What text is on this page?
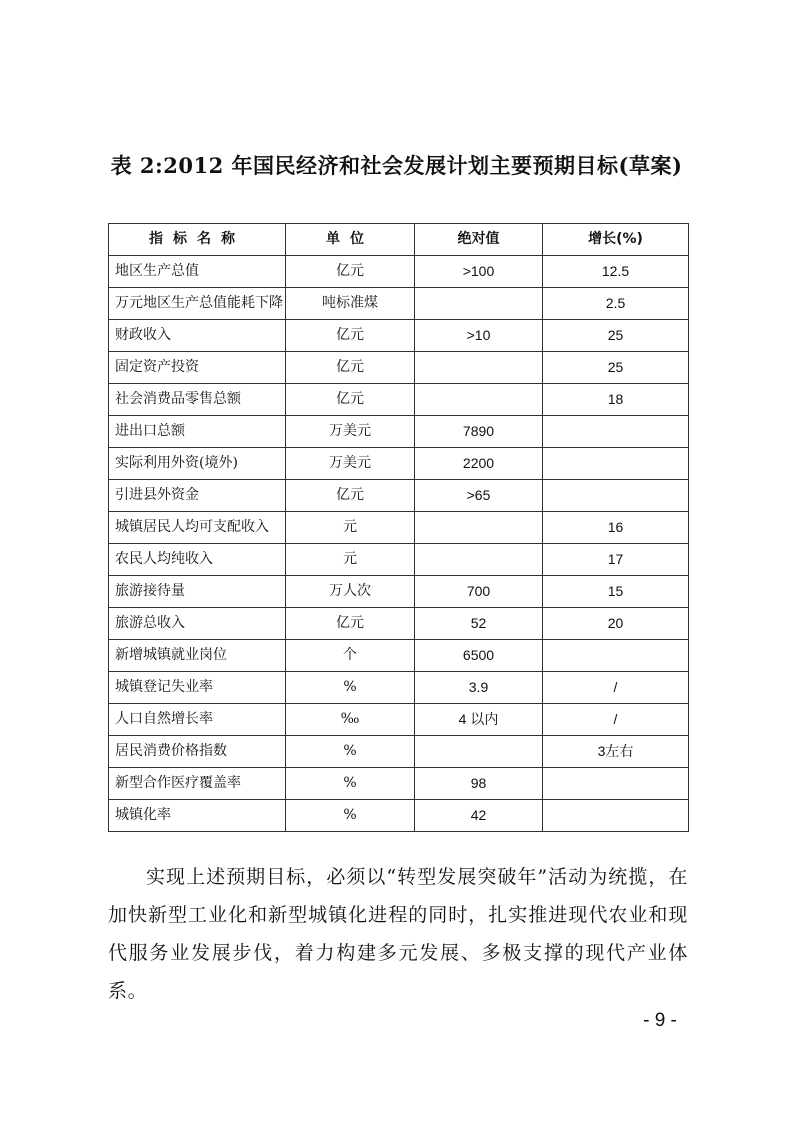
表 2:2012 年国民经济和社会发展计划主要预期目标(草案)
指标名称	单位	绝对值	增长(%)
地区生产总值	亿元	>100	12.5
万元地区生产总值能耗下降	吨标准煤		2.5
财政收入	亿元	>10	25
固定资产投资	亿元		25
社会消费品零售总额	亿元		18
进出口总额	万美元	7890	
实际利用外资(境外)	万美元	2200	
引进县外资金	亿元	>65	
城镇居民人均可支配收入	元		16
农民人均纯收入	元		17
旅游接待量	万人次	700	15
旅游总收入	亿元	52	20
新增城镇就业岗位	个	6500	
城镇登记失业率	%	3.9	/
人口自然增长率	‰	4 以内	/
居民消费价格指数	%		3左右
新型合作医疗覆盖率	%	98	
城镇化率	%	42	
实现上述预期目标，必须以“转型发展突破年”活动为统揽，在加快新型工业化和新型城镇化进程的同时，扎实推进现代农业和现代服务业发展步伐，着力构建多元发展、多极支撑的现代产业体系。
- 9 -
